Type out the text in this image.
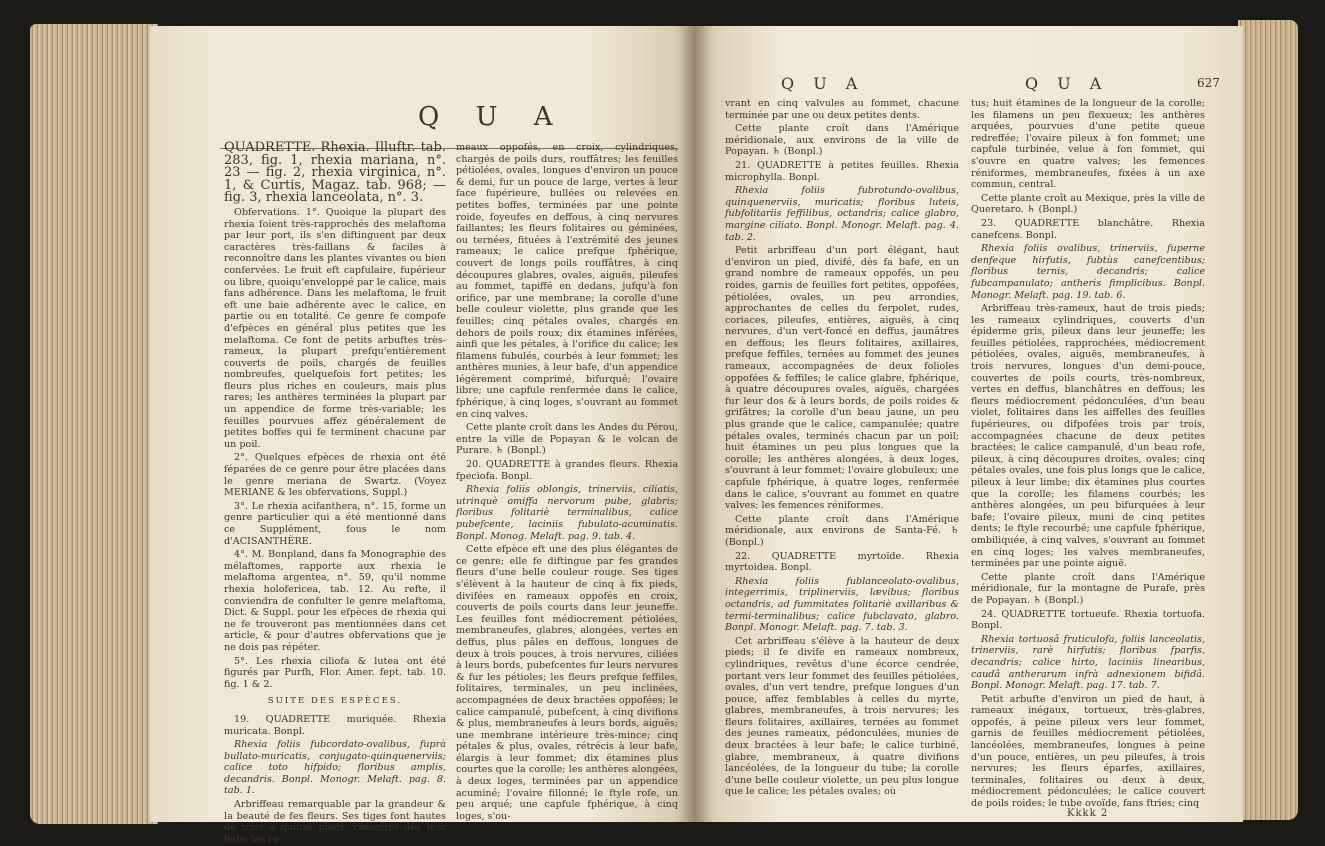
Q U A

QUADRETTE. Rhexia. Illuftr. tab. 283, fig. 1, rhexia mariana, n°. 23 — fig. 2, rhexia virginica, n°. 1, & Curtis, Magaz. tab. 968; — fig. 3, rhexia lanceolata, n°. 3.

Obfervations. 1°. Quoique la plupart des rhexia foient très-rapprochés des melaftoma par leur port, ils s'en diftinguent par deux caractères très-faillans & faciles à reconnoître dans les plantes vivantes ou bien confervées. Le fruit eft capfulaire, fupérieur ou libre, quoiqu'enveloppé par le calice, mais fans adhérence. Dans les melaftoma, le fruit eft une baie adhérente avec le calice, en partie ou en totalité. Ce genre fe compofe d'efpèces en général plus petites que les melaftoma. Ce font de petits arbuftes très-rameux, la plupart prefqu'entièrement couverts de poils, chargés de feuilles nombreufes, quelquefois fort petites; les fleurs plus riches en couleurs, mais plus rares; les anthères terminées la plupart par un appendice de forme très-variable; les feuilles pourvues affez généralement de petites boffes qui fe terminent chacune par un poil.

2°. Quelques efpèces de rhexia ont été féparées de ce genre pour être placées dans le genre meriana de Swartz. (Voyez MERIANE & les obfervations, Suppl.)

3°. Le rhexia acifanthera, n°. 15, forme un genre particulier qui a été mentionné dans ce Supplément, fous le nom d'ACISANTHÈRE.

4°. M. Bonpland, dans fa Monographie des mélaftomes, rapporte aux rhexia le melaftoma argentea, n°. 59, qu'il nomme rhexia holofericea, tab. 12. Au refte, il conviendra de confulter le genre melaftoma, Dict. & Suppl. pour les efpèces de rhexia qui ne fe trouveront pas mentionnées dans cet article, & pour d'autres obfervations que je ne dois pas répéter.

5°. Les rhexia ciliofa & lutea ont été figurés par Purfh, Flor. Amer. fept. tab. 10. fig. 1 & 2.

SUITE DES ESPÈCES.

19. QUADRETTE muriquée. Rhexia muricata. Bonpl.

Rhexia foliis fubcordato-ovalibus, fuprà bullato-muricatis, conjugato-quinquenerviis; calice toto hifpido; floribus amplis, decandris. Bonpl. Monogr. Melaft. pag. 8. tab. 1.

Arbriffeau remarquable par la grandeur & la beauté de fes fleurs. Ses tiges font hautes de trois à quinze pieds, rameufes dès leur bafe; les ra-

meaux oppofés, en croix, cylindriques, chargés de poils durs, rouffâtres; les feuilles pétiolées, ovales, longues d'environ un pouce & demi, fur un pouce de large, vertes à leur face fupérieure, bullées ou relevées en petites boffes, terminées par une pointe roide, foyeufes en deffous, à cinq nervures faillantes; les fleurs folitaires ou géminées, ou ternées, fituées à l'extrémité des jeunes rameaux; le calice prefque fphérique, couvert de longs poils rouffâtres, à cinq découpures glabres, ovales, aiguës, pileufes au fommet, tapiffé en dedans, jufqu'à fon orifice, par une membrane; la corolle d'une belle couleur violette, plus grande que les feuilles; cinq pétales ovales, chargés en dehors de poils roux; dix étamines inférées, ainfi que les pétales, à l'orifice du calice; les filamens fubulés, courbés à leur fommet; les anthères munies, à leur bafe, d'un appendice légèrement comprimé, bifurqué; l'ovaire libre; une capfule renfermée dans le calice, fphérique, à cinq loges, s'ouvrant au fommet en cinq valves.

Cette plante croît dans les Andes du Pérou, entre la ville de Popayan & le volcan de Purare. ♄ (Bonpl.)

20. QUADRETTE à grandes fleurs. Rhexia fpeciofa. Bonpl.

Rhexia foliis oblongis, trinerviis, ciliatis, utrinquè omiffa nervorum pube, glabris; floribus folitariè terminalibus, calice pubefcente, laciniis fubulato-acuminatis. Bonpl. Monog. Melaft. pag. 9. tab. 4.

Cette efpèce eft une des plus élégantes de ce genre; elle fe diftingue par fes grandes fleurs d'une belle couleur rouge. Ses tiges s'élèvent à la hauteur de cinq à fix pieds, divifées en rameaux oppofés en croix, couverts de poils courts dans leur jeuneffe. Les feuilles font médiocrement pétiolées, membraneufes, glabres, alongées, vertes en deffus, plus pâles en deffous, longues de deux à trois pouces, à trois nervures, ciliées à leurs bords, pubefcentes fur leurs nervures & fur les pétioles; les fleurs prefque feffiles, folitaires, terminales, un peu inclinées, accompagnées de deux bractées oppofées; le calice campanulé, pubefcent, à cinq divifions & plus, membraneufes à leurs bords, aiguës; une membrane intérieure très-mince; cinq pétales & plus, ovales, rétrécis à leur bafe, élargis à leur fommet; dix étamines plus courtes que la corolle; les anthères alongées, à deux loges, terminées par un appendice acuminé; l'ovaire fillonné; le ftyle rofe, un peu arqué; une capfule fphérique, à cinq loges, s'ou-

Q U A	Q U A	627

vrant en cinq valvules au fommet, chacune terminée par une ou deux petites dents.

Cette plante croît dans l'Amérique méridionale, aux environs de la ville de Popayan. ♄ (Bonpl.)

21. QUADRETTE à petites feuilles. Rhexia microphylla. Bonpl.

Rhexia foliis fubrotundo-ovalibus, quinquenerviis, muricatis; floribus luteis, fubfolitariis feffilibus, octandris; calice glabro, margine ciliato. Bonpl. Monogr. Melaft. pag. 4. tab. 2.

Petit arbriffeau d'un port élégant, haut d'environ un pied, divifé, dès fa bafe, en un grand nombre de rameaux oppofés, un peu roides, garnis de feuilles fort petites, oppofées, pétiolées, ovales, un peu arrondies, approchantes de celles du ferpolet, rudes, coriaces, pileufes, entières, aiguës, à cinq nervures, d'un vert-foncé en deffus, jaunâtres en deffous; les fleurs folitaires, axillaires, prefque feffiles, ternées au fommet des jeunes rameaux, accompagnées de deux folioles oppofées & feffiles; le calice glabre, fphérique, à quatre découpures ovales, aiguës, chargées fur leur dos & à leurs bords, de poils roides & grifâtres; la corolle d'un beau jaune, un peu plus grande que le calice, campanulée; quatre pétales ovales, terminés chacun par un poil; huit étamines un peu plus longues que la corolle; les anthères alongées, à deux loges, s'ouvrant à leur fommet; l'ovaire globuleux; une capfule fphérique, à quatre loges, renfermée dans le calice, s'ouvrant au fommet en quatre valves; les femences réniformes.

Cette plante croît dans l'Amérique méridionale, aux environs de Santa-Fé. ♄ (Bonpl.)

22. QUADRETTE myrtoïde. Rhexia myrtoidea. Bonpl.

Rhexia foliis fublanceolato-ovalibus, integerrimis, triplinerviis, lævibus; floribus octandris, ad fummitates folitariè axillaribus & termi-terminalibus; calice fubclavato, glabro. Bonpl. Monogr. Melaft. pag. 7. tab. 3.

Cet arbriffeau s'élève à la hauteur de deux pieds; il fe divife en rameaux nombreux, cylindriques, revêtus d'une écorce cendrée, portant vers leur fommet des feuilles pétiolées, ovales, d'un vert tendre, prefque longues d'un pouce, affez femblables à celles du myrte, glabres, membraneufes, à trois nervures; les fleurs folitaires, axillaires, ternées au fommet des jeunes rameaux, pédonculées, munies de deux bractées à leur bafe; le calice turbiné, glabre, membraneux, à quatre divifions lancéolées, de la longueur du tube; la corolle d'une belle couleur violette, un peu plus longue que le calice; les pétales ovales; où

tus; huit étamines de la longueur de la corolle; les filamens un peu flexueux; les anthères arquées, pourvues d'une petite queue redreffée; l'ovaire pileux à fon fommet; une capfule turbinée, velue à fon fommet, qui s'ouvre en quatre valves; les femences réniformes, membraneufes, fixées à un axe commun, central.

Cette plante croît au Mexique, près la ville de Queretaro. ♄ (Bonpl.)

23. QUADRETTE blanchâtre. Rhexia canefcens. Bonpl.

Rhexia foliis ovalibus, trinerviis, fuperne denfeque hirfutis, fubtùs canefcentibus; floribus ternis, decandris; calice fubcampanulato; antheris fimplicibus. Bonpl. Monogr. Melaft. pag. 19. tab. 6.

Arbriffeau très-rameux, haut de trois pieds; les rameaux cylindriques, couverts d'un épiderme gris, pileux dans leur jeuneffe; les feuilles pétiolées, rapprochées, médiocrement pétiolées, ovales, aiguës, membraneufes, à trois nervures, longues d'un demi-pouce, couvertes de poils courts, très-nombreux, vertes en deffus, blanchâtres en deffous; les fleurs médiocrement pédonculées, d'un beau violet, folitaires dans les aiffelles des feuilles fupérieures, ou difpofées trois par trois, accompagnées chacune de deux petites bractées; le calice campanulé, d'un beau rofe, pileux, à cinq découpures droites, ovales; cinq pétales ovales, une fois plus longs que le calice, pileux à leur limbe; dix étamines plus courtes que la corolle; les filamens courbés; les anthères alongées, un peu bifurquées à leur bafe; l'ovaire pileux, muni de cinq petites dents; le ftyle recourbé; une capfule fphérique, ombiliquée, à cinq valves, s'ouvrant au fommet en cinq loges; les valves membraneufes, terminées par une pointe aiguë.

Cette plante croît dans l'Amérique méridionale, fur la montagne de Purafe, près de Popayan. ♄ (Bonpl.)

24. QUADRETTE tortueufe. Rhexia tortuofa. Bonpl.

Rhexia tortuosâ fruticulofa, foliis lanceolatis, trinerviis, rarè hirfutis; floribus fparfis, decandris; calice hirto, laciniis linearibus, caudâ antherarum infrà adnexionem bifidâ. Bonpl. Monogr. Melaft. pag. 17. tab. 7.

Petit arbufte d'environ un pied de haut, à rameaux inégaux, tortueux, très-glabres, oppofés, à peine pileux vers leur fommet, garnis de feuilles médiocrement pétiolées, lancéolées, membraneufes, longues à peine d'un pouce, entières, un peu pileufes, à trois nervures; les fleurs éparfes, axillaires, terminales, folitaires ou deux à deux, médiocrement pédonculées; le calice couvert de poils roides; le tube ovoïde, fans ftries; cinq

Kkkk 2
